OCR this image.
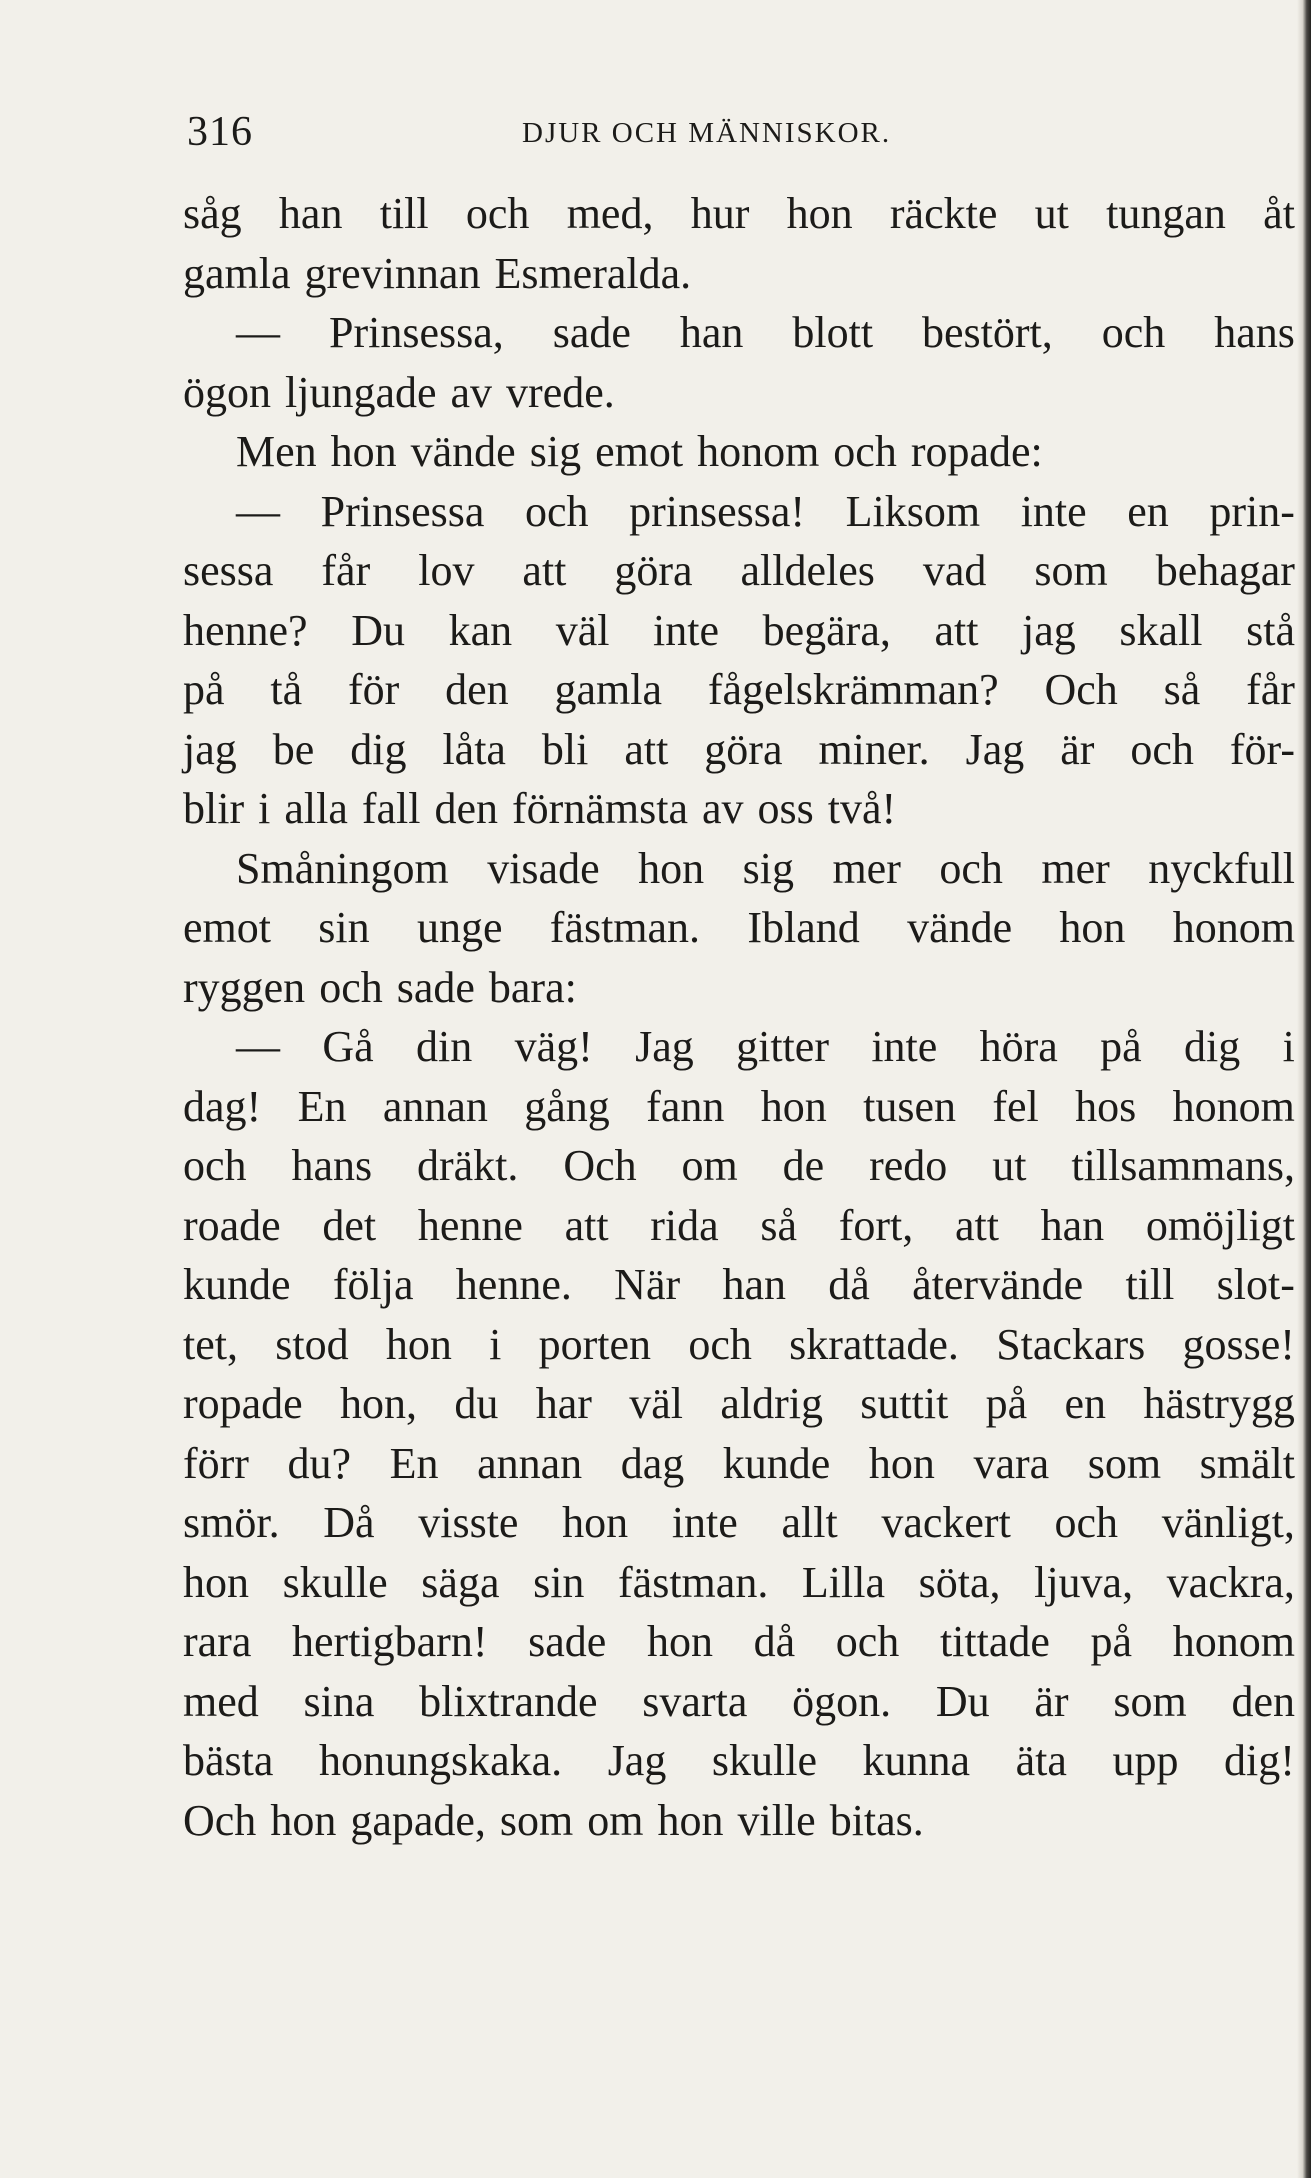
316	DJUR OCH MÄNNISKOR.
såg han till och med, hur hon räckte ut tungan åt
gamla grevinnan Esmeralda.
— Prinsessa, sade han blott bestört, och hans
ögon ljungade av vrede.
Men hon vände sig emot honom och ropade:
— Prinsessa och prinsessa! Liksom inte en prin-
sessa får lov att göra alldeles vad som behagar
henne? Du kan väl inte begära, att jag skall stå
på tå för den gamla fågelskrämman? Och så får
jag be dig låta bli att göra miner. Jag är och för-
blir i alla fall den förnämsta av oss två!
Småningom visade hon sig mer och mer nyckfull
emot sin unge fästman. Ibland vände hon honom
ryggen och sade bara:
— Gå din väg! Jag gitter inte höra på dig i
dag! En annan gång fann hon tusen fel hos honom
och hans dräkt. Och om de redo ut tillsammans,
roade det henne att rida så fort, att han omöjligt
kunde följa henne. När han då återvände till slot-
tet, stod hon i porten och skrattade. Stackars gosse!
ropade hon, du har väl aldrig suttit på en hästrygg
förr du? En annan dag kunde hon vara som smält
smör. Då visste hon inte allt vackert och vänligt,
hon skulle säga sin fästman. Lilla söta, ljuva, vackra,
rara hertigbarn! sade hon då och tittade på honom
med sina blixtrande svarta ögon. Du är som den
bästa honungskaka. Jag skulle kunna äta upp dig!
Och hon gapade, som om hon ville bitas.
